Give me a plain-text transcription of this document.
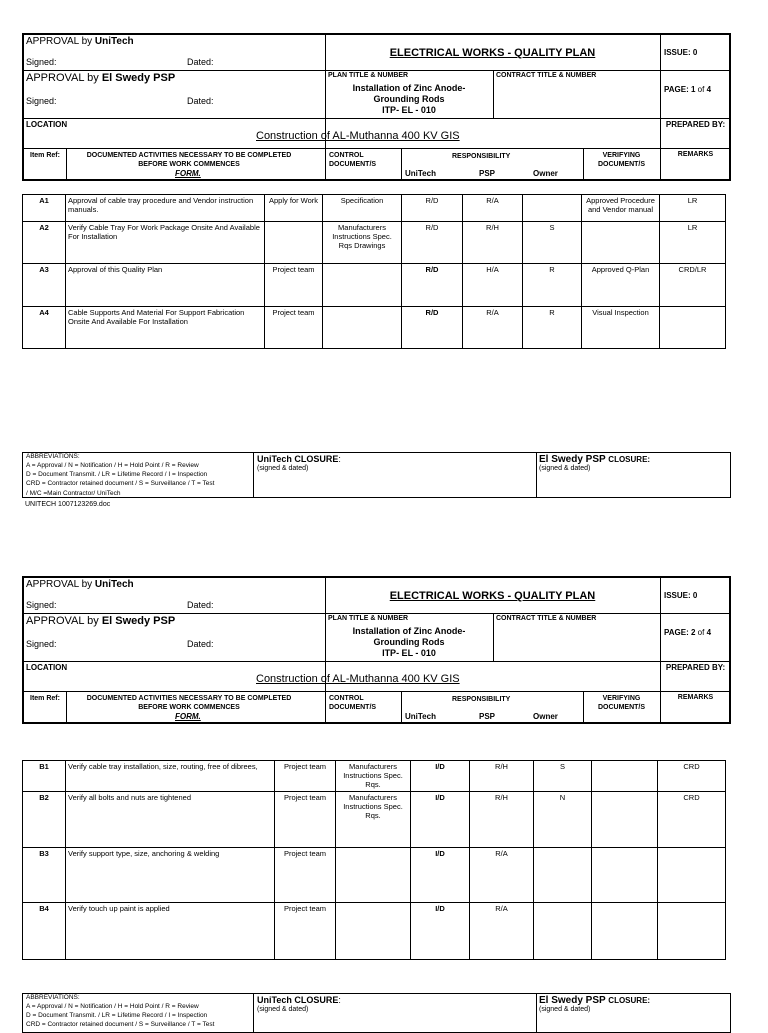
APPROVAL by UniTech
Signed:	Dated:
ELECTRICAL WORKS - QUALITY PLAN	ISSUE: 0
APPROVAL by El Swedy PSP
Signed:	Dated:
PLAN TITLE & NUMBER
Installation of Zinc Anode-
Grounding Rods
ITP- EL - 010
CONTRACT TITLE & NUMBER
PAGE: 1 of 4
LOCATION
Construction of AL-Muthanna 400 KV GIS
PREPARED BY:
Item Ref:	DOCUMENTED ACTIVITIES NECESSARY TO BE COMPLETED BEFORE WORK COMMENCES
FORM.
CONTROL DOCUMENT/S
RESPONSIBILITY
UniTech	PSP	Owner
VERIFYING DOCUMENT/S
REMARKS
A1	Approval of cable tray procedure and Vendor instruction manuals.	Apply for Work	Specification	R/D	R/A		Approved Procedure and Vendor manual	LR
A2	Verify Cable Tray For Work Package Onsite And Available For Installation		Manufacturers Instructions Spec. Rqs Drawings	R/D	R/H	S		LR
A3	Approval of this Quality Plan	Project team		R/D	H/A	R	Approved Q-Plan	CRD/LR
A4	Cable Supports And Material For Support Fabrication Onsite And Available For Installation	Project team		R/D	R/A	R	Visual Inspection	
ABBREVIATIONS:
A = Approval / N = Notification / H = Hold Point / R = Review
D = Document Transmit. / LR = Lifetime Record / I = Inspection
CRD = Contractor retained document / S = Surveillance / T = Test
/ M/C =Main Contractor/ UniTech
UniTech CLOSURE:
(signed & dated)
El Swedy PSP CLOSURE:
(signed & dated)
UNITECH 1007123269.doc
APPROVAL by UniTech
Signed:	Dated:
ELECTRICAL WORKS - QUALITY PLAN	ISSUE: 0
APPROVAL by El Swedy PSP
Signed:	Dated:
PLAN TITLE & NUMBER
Installation of Zinc Anode-
Grounding Rods
ITP- EL - 010
CONTRACT TITLE & NUMBER
PAGE: 2 of 4
LOCATION
Construction of AL-Muthanna 400 KV GIS
PREPARED BY:
Item Ref:	DOCUMENTED ACTIVITIES NECESSARY TO BE COMPLETED BEFORE WORK COMMENCES
FORM.
CONTROL DOCUMENT/S
RESPONSIBILITY
UniTech	PSP	Owner
VERIFYING DOCUMENT/S
REMARKS
B1	Verify cable tray installation, size, routing, free of dibrees,	Project team	Manufacturers Instructions Spec. Rqs.	I/D	R/H	S		CRD
B2	Verify all bolts and nuts are tightened	Project team	Manufacturers Instructions Spec. Rqs.	I/D	R/H	N		CRD
B3	Verify support type, size, anchoring & welding	Project team		I/D	R/A			
B4	Verify touch up paint is applied	Project team		I/D	R/A			
ABBREVIATIONS:
A = Approval / N = Notification / H = Hold Point / R = Review
D = Document Transmit. / LR = Lifetime Record / I = Inspection
CRD = Contractor retained document / S = Surveillance / T = Test
UniTech CLOSURE:
(signed & dated)
El Swedy PSP CLOSURE:
(signed & dated)
